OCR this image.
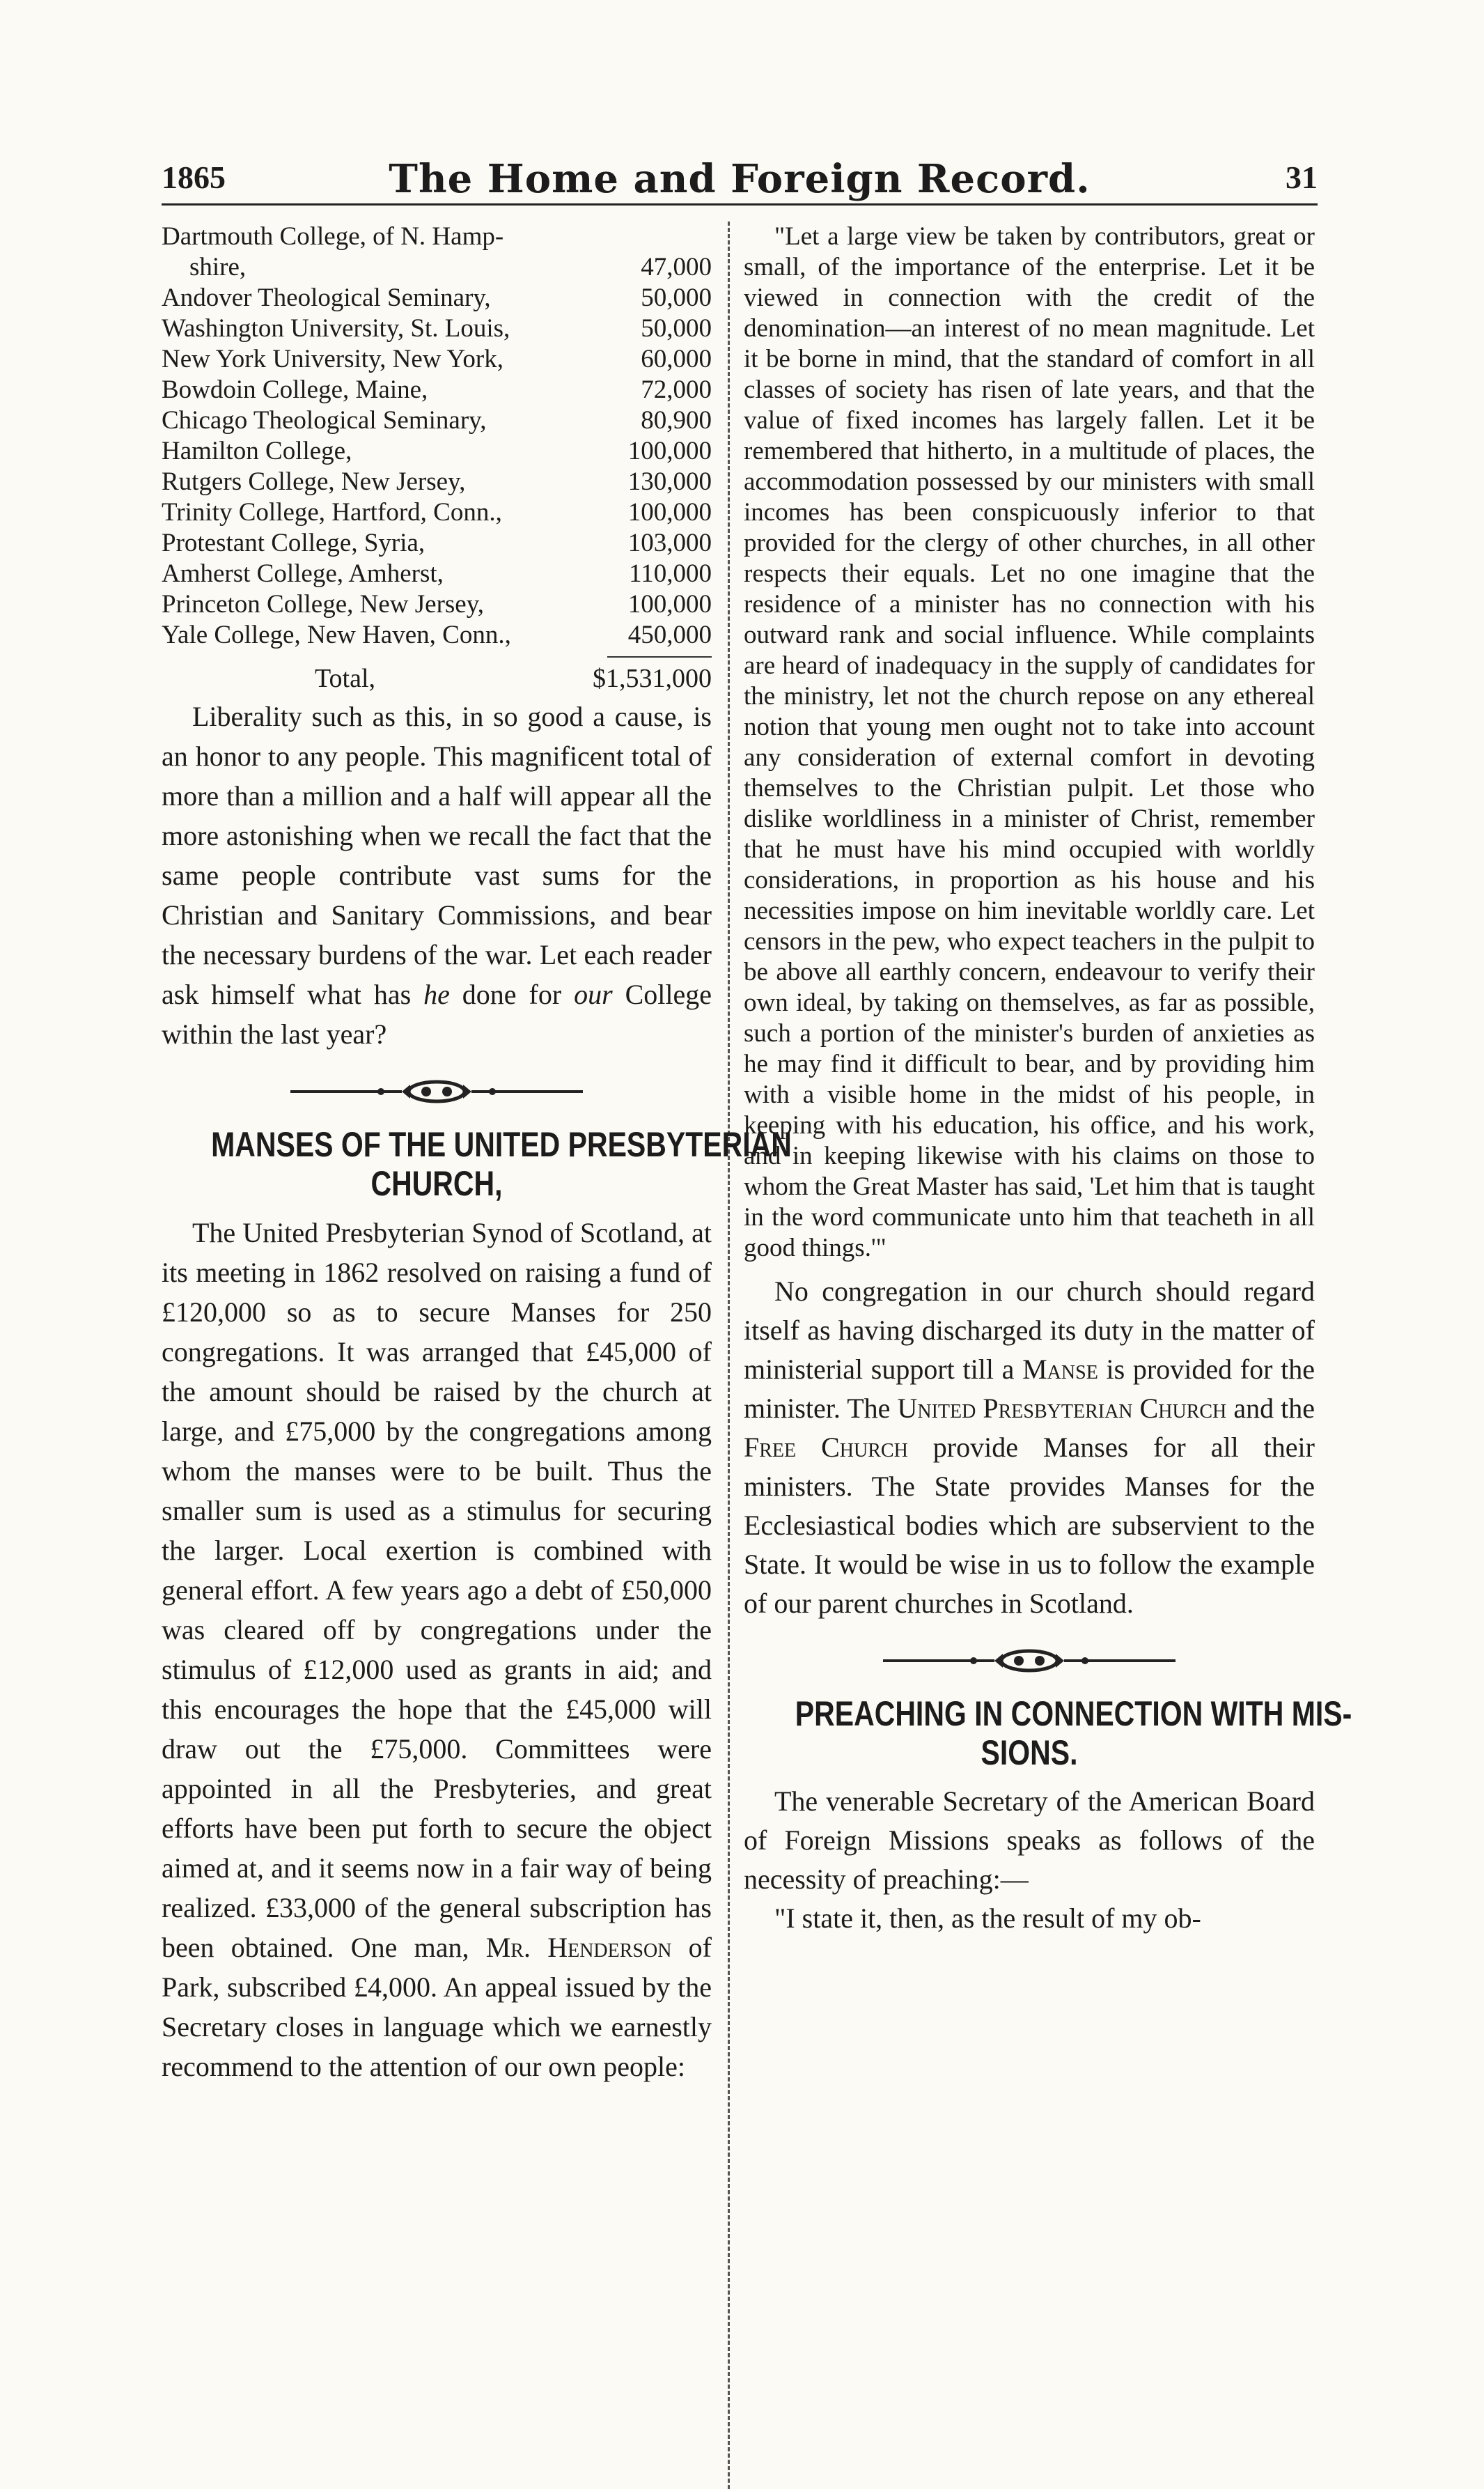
1865	The Home and Foreign Record.	31
Dartmouth College, of N. Hamp-
shire,	47,000
Andover Theological Seminary,	50,000
Washington University, St. Louis,	50,000
New York University, New York,	60,000
Bowdoin College, Maine,	72,000
Chicago Theological Seminary,	80,900
Hamilton College,	100,000
Rutgers College, New Jersey,	130,000
Trinity College, Hartford, Conn.,	100,000
Protestant College, Syria,	103,000
Amherst College, Amherst,	110,000
Princeton College, New Jersey,	100,000
Yale College, New Haven, Conn.,	450,000
Total,	$1,531,000

Liberality such as this, in so good a cause, is an honor to any people. This magnificent total of more than a million and a half will appear all the more astonishing when we recall the fact that the same people contribute vast sums for the Christian and Sanitary Commissions, and bear the necessary burdens of the war. Let each reader ask himself what has he done for our College within the last year?

MANSES OF THE UNITED PRESBYTERIAN
CHURCH,

The United Presbyterian Synod of Scotland, at its meeting in 1862 resolved on raising a fund of £120,000 so as to secure Manses for 250 congregations. It was arranged that £45,000 of the amount should be raised by the church at large, and £75,000 by the congregations among whom the manses were to be built. Thus the smaller sum is used as a stimulus for securing the larger. Local exertion is combined with general effort. A few years ago a debt of £50,000 was cleared off by congregations under the stimulus of £12,000 used as grants in aid; and this encourages the hope that the £45,000 will draw out the £75,000. Committees were appointed in all the Presbyteries, and great efforts have been put forth to secure the object aimed at, and it seems now in a fair way of being realized. £33,000 of the general subscription has been obtained. One man, Mr. Henderson of Park, subscribed £4,000. An appeal issued by the Secretary closes in language which we earnestly recommend to the attention of our own people:

"Let a large view be taken by contributors, great or small, of the importance of the enterprise. Let it be viewed in connection with the credit of the denomination—an interest of no mean magnitude. Let it be borne in mind, that the standard of comfort in all classes of society has risen of late years, and that the value of fixed incomes has largely fallen. Let it be remembered that hitherto, in a multitude of places, the accommodation possessed by our ministers with small incomes has been conspicuously inferior to that provided for the clergy of other churches, in all other respects their equals. Let no one imagine that the residence of a minister has no connection with his outward rank and social influence. While complaints are heard of inadequacy in the supply of candidates for the ministry, let not the church repose on any ethereal notion that young men ought not to take into account any consideration of external comfort in devoting themselves to the Christian pulpit. Let those who dislike worldliness in a minister of Christ, remember that he must have his mind occupied with worldly considerations, in proportion as his house and his necessities impose on him inevitable worldly care. Let censors in the pew, who expect teachers in the pulpit to be above all earthly concern, endeavour to verify their own ideal, by taking on themselves, as far as possible, such a portion of the minister's burden of anxieties as he may find it difficult to bear, and by providing him with a visible home in the midst of his people, in keeping with his education, his office, and his work, and in keeping likewise with his claims on those to whom the Great Master has said, 'Let him that is taught in the word communicate unto him that teacheth in all good things.'"

No congregation in our church should regard itself as having discharged its duty in the matter of ministerial support till a Manse is provided for the minister. The United Presbyterian Church and the Free Church provide Manses for all their ministers. The State provides Manses for the Ecclesiastical bodies which are subservient to the State. It would be wise in us to follow the example of our parent churches in Scotland.

PREACHING IN CONNECTION WITH MIS-
SIONS.

The venerable Secretary of the American Board of Foreign Missions speaks as follows of the necessity of preaching:—

"I state it, then, as the result of my ob-
